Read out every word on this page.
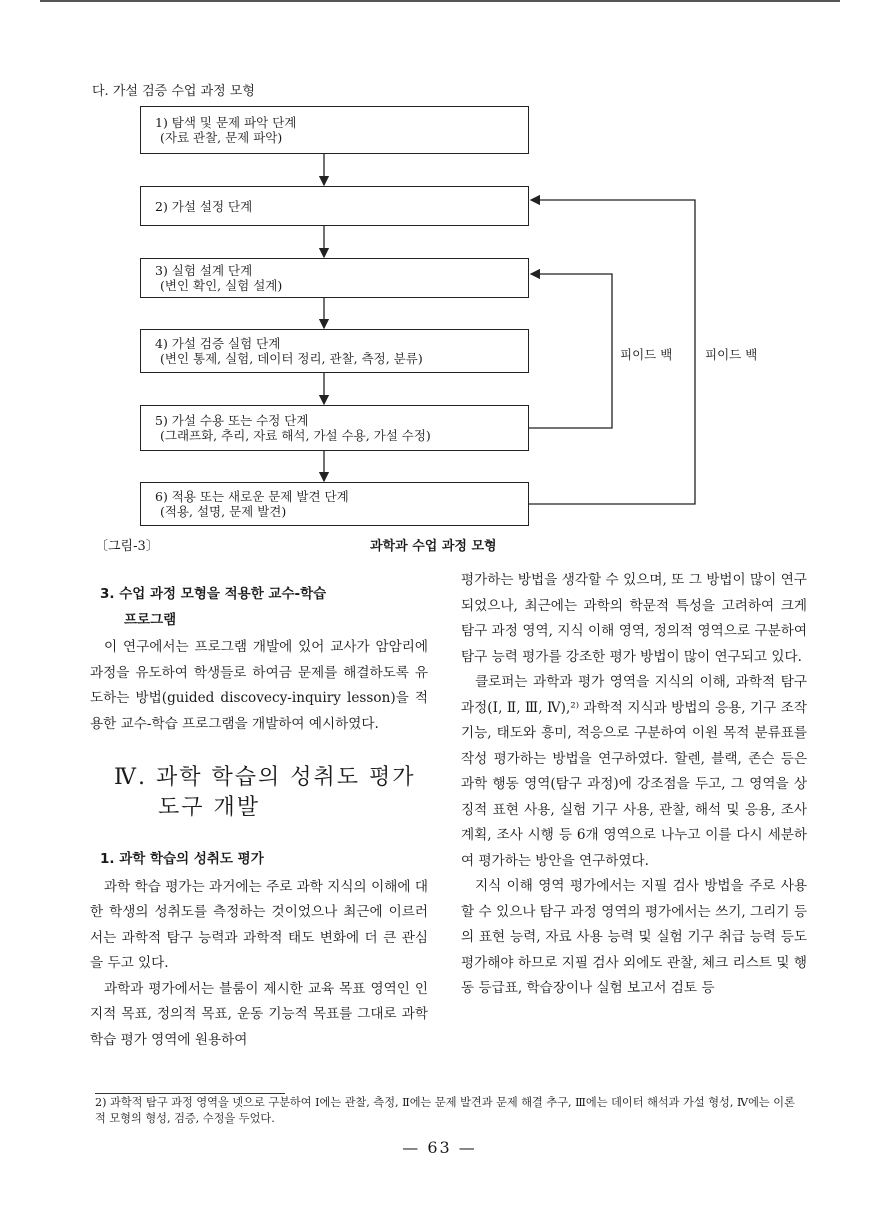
다. 가설 검증 수업 과정 모형
1) 탐색 및 문제 파악 단계
(자료 관찰, 문제 파악)
2) 가설 설정 단계
3) 실험 설계 단계
(변인 확인, 실험 설계)
4) 가설 검증 실험 단계
(변인 통제, 실험, 데이터 정리, 관찰, 측정, 분류)
5) 가설 수용 또는 수정 단계
(그래프화, 추리, 자료 해석, 가설 수용, 가설 수정)
6) 적용 또는 새로운 문제 발견 단계
(적용, 설명, 문제 발견)
피이드 백	피이드 백
〔그림-3〕	과학과 수업 과정 모형
3. 수업 과정 모형을 적용한 교수-학습
프로그램

이 연구에서는 프로그램 개발에 있어 교사가 암암리에 과정을 유도하여 학생들로 하여금 문제를 해결하도록 유도하는 방법(guided discovecy-inquiry lesson)을 적용한 교수-학습 프로그램을 개발하여 예시하였다.

Ⅳ. 과학 학습의 성취도 평가
도구 개발
1. 과학 학습의 성취도 평가

과학 학습 평가는 과거에는 주로 과학 지식의 이해에 대한 학생의 성취도를 측정하는 것이었으나 최근에 이르러서는 과학적 탐구 능력과 과학적 태도 변화에 더 큰 관심을 두고 있다.

과학과 평가에서는 블룸이 제시한 교육 목표 영역인 인지적 목표, 정의적 목표, 운동 기능적 목표를 그대로 과학 학습 평가 영역에 원용하여

평가하는 방법을 생각할 수 있으며, 또 그 방법이 많이 연구되었으나, 최근에는 과학의 학문적 특성을 고려하여 크게 탐구 과정 영역, 지식 이해 영역, 정의적 영역으로 구분하여 탐구 능력 평가를 강조한 평가 방법이 많이 연구되고 있다.

클로퍼는 과학과 평가 영역을 지식의 이해, 과학적 탐구 과정(Ⅰ, Ⅱ, Ⅲ, Ⅳ),²⁾ 과학적 지식과 방법의 응용, 기구 조작 기능, 태도와 흥미, 적응으로 구분하여 이원 목적 분류표를 작성 평가하는 방법을 연구하였다. 할렌, 블랙, 존슨 등은 과학 행동 영역(탐구 과정)에 강조점을 두고, 그 영역을 상징적 표현 사용, 실험 기구 사용, 관찰, 해석 및 응용, 조사 계획, 조사 시행 등 6개 영역으로 나누고 이를 다시 세분하여 평가하는 방안을 연구하였다.

지식 이해 영역 평가에서는 지필 검사 방법을 주로 사용할 수 있으나 탐구 과정 영역의 평가에서는 쓰기, 그리기 등의 표현 능력, 자료 사용 능력 및 실험 기구 취급 능력 등도 평가해야 하므로 지필 검사 외에도 관찰, 체크 리스트 및 행동 등급표, 학습장이나 실험 보고서 검토 등

2) 과학적 탐구 과정 영역을 넷으로 구분하여 Ⅰ에는 관찰, 측정, Ⅱ에는 문제 발견과 문제 해결 추구, Ⅲ에는 데이터 해석과 가설 형성, Ⅳ에는 이론적 모형의 형성, 검증, 수정을 두었다.
— 63 —
